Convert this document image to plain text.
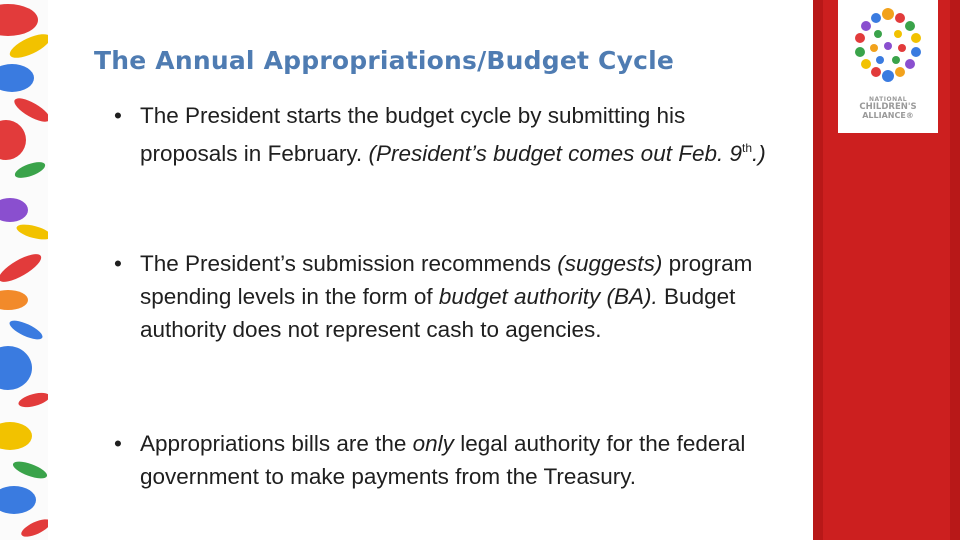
The Annual Appropriations/Budget Cycle
• The President starts the budget cycle by submitting his proposals in February. (President’s budget comes out Feb. 9th.)
• The President’s submission recommends (suggests) program spending levels in the form of budget authority (BA). Budget authority does not represent cash to agencies.
• Appropriations bills are the only legal authority for the federal government to make payments from the Treasury.
NATIONAL
CHILDREN'S
ALLIANCE®
